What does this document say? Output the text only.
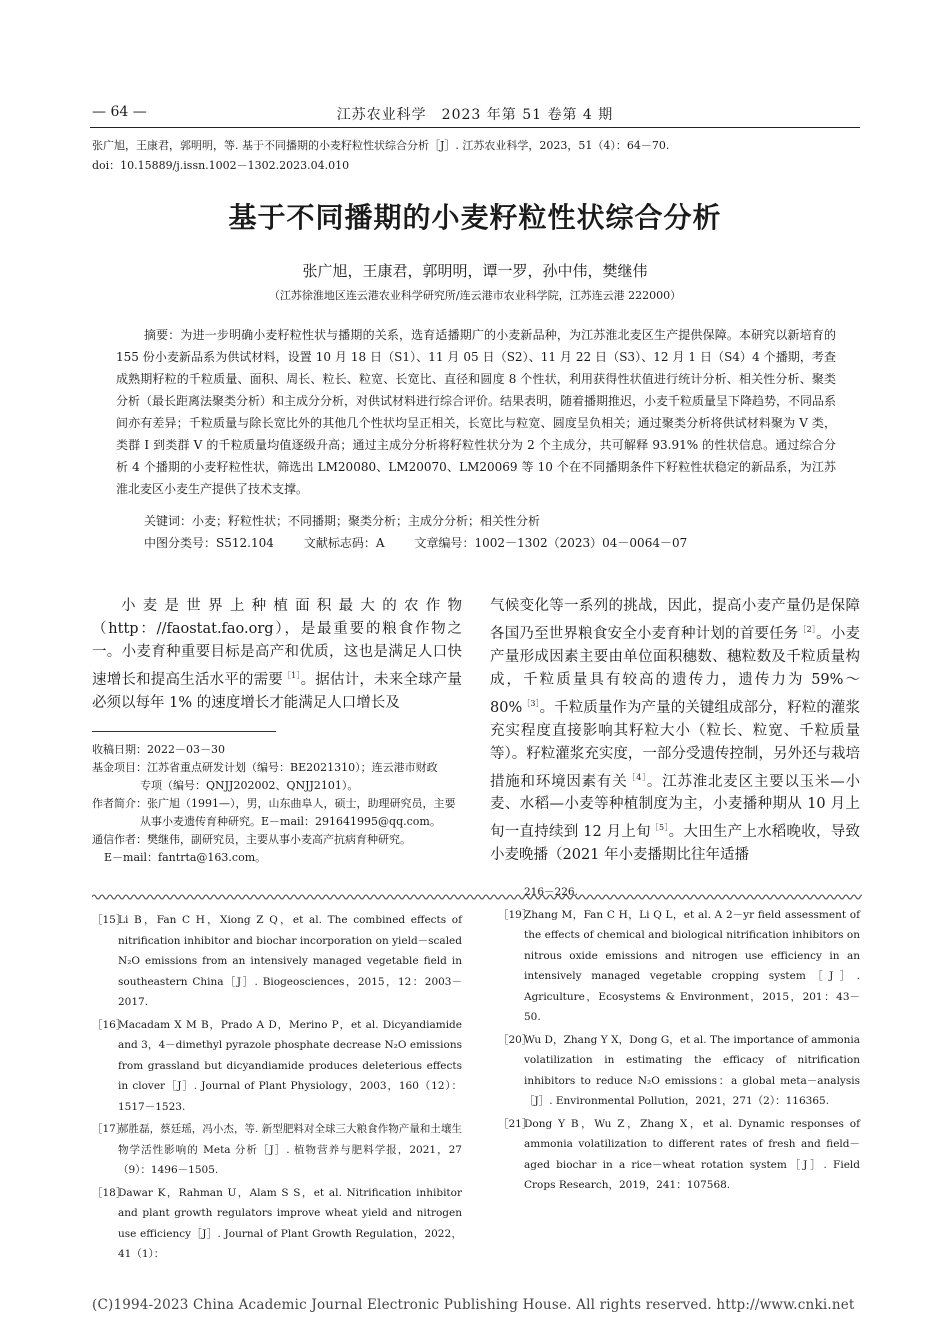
— 64 —	江苏农业科学　2023 年第 51 卷第 4 期
张广旭，王康君，郭明明，等. 基于不同播期的小麦籽粒性状综合分析［J］. 江苏农业科学，2023，51（4）：64－70.
doi：10.15889/j.issn.1002－1302.2023.04.010
基于不同播期的小麦籽粒性状综合分析
张广旭，王康君，郭明明，谭一罗，孙中伟，樊继伟
（江苏徐淮地区连云港农业科学研究所/连云港市农业科学院，江苏连云港 222000）

摘要：为进一步明确小麦籽粒性状与播期的关系，选育适播期广的小麦新品种，为江苏淮北麦区生产提供保障。本研究以新培育的 155 份小麦新品系为供试材料，设置 10 月 18 日（S1）、11 月 05 日（S2）、11 月 22 日（S3）、12 月 1 日（S4）4 个播期，考查成熟期籽粒的千粒质量、面积、周长、粒长、粒宽、长宽比、直径和圆度 8 个性状，利用获得性状值进行统计分析、相关性分析、聚类分析（最长距离法聚类分析）和主成分分析，对供试材料进行综合评价。结果表明，随着播期推迟，小麦千粒质量呈下降趋势，不同品系间亦有差异；千粒质量与除长宽比外的其他几个性状均呈正相关，长宽比与粒宽、圆度呈负相关；通过聚类分析将供试材料聚为 V 类，类群 I 到类群 V 的千粒质量均值逐级升高；通过主成分分析将籽粒性状分为 2 个主成分，共可解释 93.91% 的性状信息。通过综合分析 4 个播期的小麦籽粒性状，筛选出 LM20080、LM20070、LM20069 等 10 个在不同播期条件下籽粒性状稳定的新品系，为江苏淮北麦区小麦生产提供了技术支撑。

关键词：小麦；籽粒性状；不同播期；聚类分析；主成分分析；相关性分析
中图分类号：S512.104	文献标志码：A	文章编号：1002－1302（2023）04－0064－07

小麦是世界上种植面积最大的农作物（http：//faostat.fao.org），是最重要的粮食作物之一。小麦育种重要目标是高产和优质，这也是满足人口快速增长和提高生活水平的需要$^{[1]}$。据估计，未来全球产量必须以每年 1% 的速度增长才能满足人口增长及

气候变化等一系列的挑战，因此，提高小麦产量仍是保障各国乃至世界粮食安全小麦育种计划的首要任务$^{[2]}$。小麦产量形成因素主要由单位面积穗数、穗粒数及千粒质量构成，千粒质量具有较高的遗传力，遗传力为 59%～80%$^{[3]}$。千粒质量作为产量的关键组成部分，籽粒的灌浆充实程度直接影响其籽粒大小（粒长、粒宽、千粒质量等）。籽粒灌浆充实度，一部分受遗传控制，另外还与栽培措施和环境因素有关$^{[4]}$。江苏淮北麦区主要以玉米—小麦、水稻—小麦等种植制度为主，小麦播种期从 10 月上旬一直持续到 12 月上旬$^{[5]}$。大田生产上水稻晚收，导致小麦晚播（2021 年小麦播期比往年适播

收稿日期：2022－03－30

基金项目：江苏省重点研发计划（编号：BE2021310）；连云港市财政

专项（编号：QNJJ202002、QNJJ2101）。

作者简介：张广旭（1991—），男，山东曲阜人，硕士，助理研究员，主要

从事小麦遗传育种研究。E－mail：291641995@qq.com。

通信作者：樊继伟，副研究员，主要从事小麦高产抗病育种研究。

E－mail：fantrta@163.com。

［15］
Li B，Fan C H，Xiong Z Q，et al. The combined effects of nitrification inhibitor and biochar incorporation on yield－scaled N₂O emissions from an intensively managed vegetable field in southeastern China［J］. Biogeosciences，2015，12：2003－2017.

［16］
Macadam X M B，Prado A D，Merino P，et al. Dicyandiamide and 3，4－dimethyl pyrazole phosphate decrease N₂O emissions from grassland but dicyandiamide produces deleterious effects in clover［J］. Journal of Plant Physiology，2003，160（12）：1517－1523.

［17］
郝胜磊，蔡廷瑶，冯小杰，等. 新型肥料对全球三大粮食作物产量和土壤生物学活性影响的 Meta 分析［J］. 植物营养与肥料学报，2021，27（9）：1496－1505.

［18］
Dawar K，Rahman U，Alam S S，et al. Nitrification inhibitor and plant growth regulators improve wheat yield and nitrogen use efficiency［J］. Journal of Plant Growth Regulation，2022，41（1）：

216－226.

［19］
Zhang M，Fan C H，Li Q L，et al. A 2－yr field assessment of the effects of chemical and biological nitrification inhibitors on nitrous oxide emissions and nitrogen use efficiency in an intensively managed vegetable cropping system［J］. Agriculture，Ecosystems & Environment，2015，201：43－50.

［20］
Wu D，Zhang Y X，Dong G，et al. The importance of ammonia volatilization in estimating the efficacy of nitrification inhibitors to reduce N₂O emissions：a global meta－analysis［J］. Environmental Pollution，2021，271（2）：116365.

［21］
Dong Y B，Wu Z，Zhang X，et al. Dynamic responses of ammonia volatilization to different rates of fresh and field－aged biochar in a rice－wheat rotation system［J］. Field Crops Research，2019，241：107568.

(C)1994-2023 China Academic Journal Electronic Publishing House. All rights reserved. http://www.cnki.net
